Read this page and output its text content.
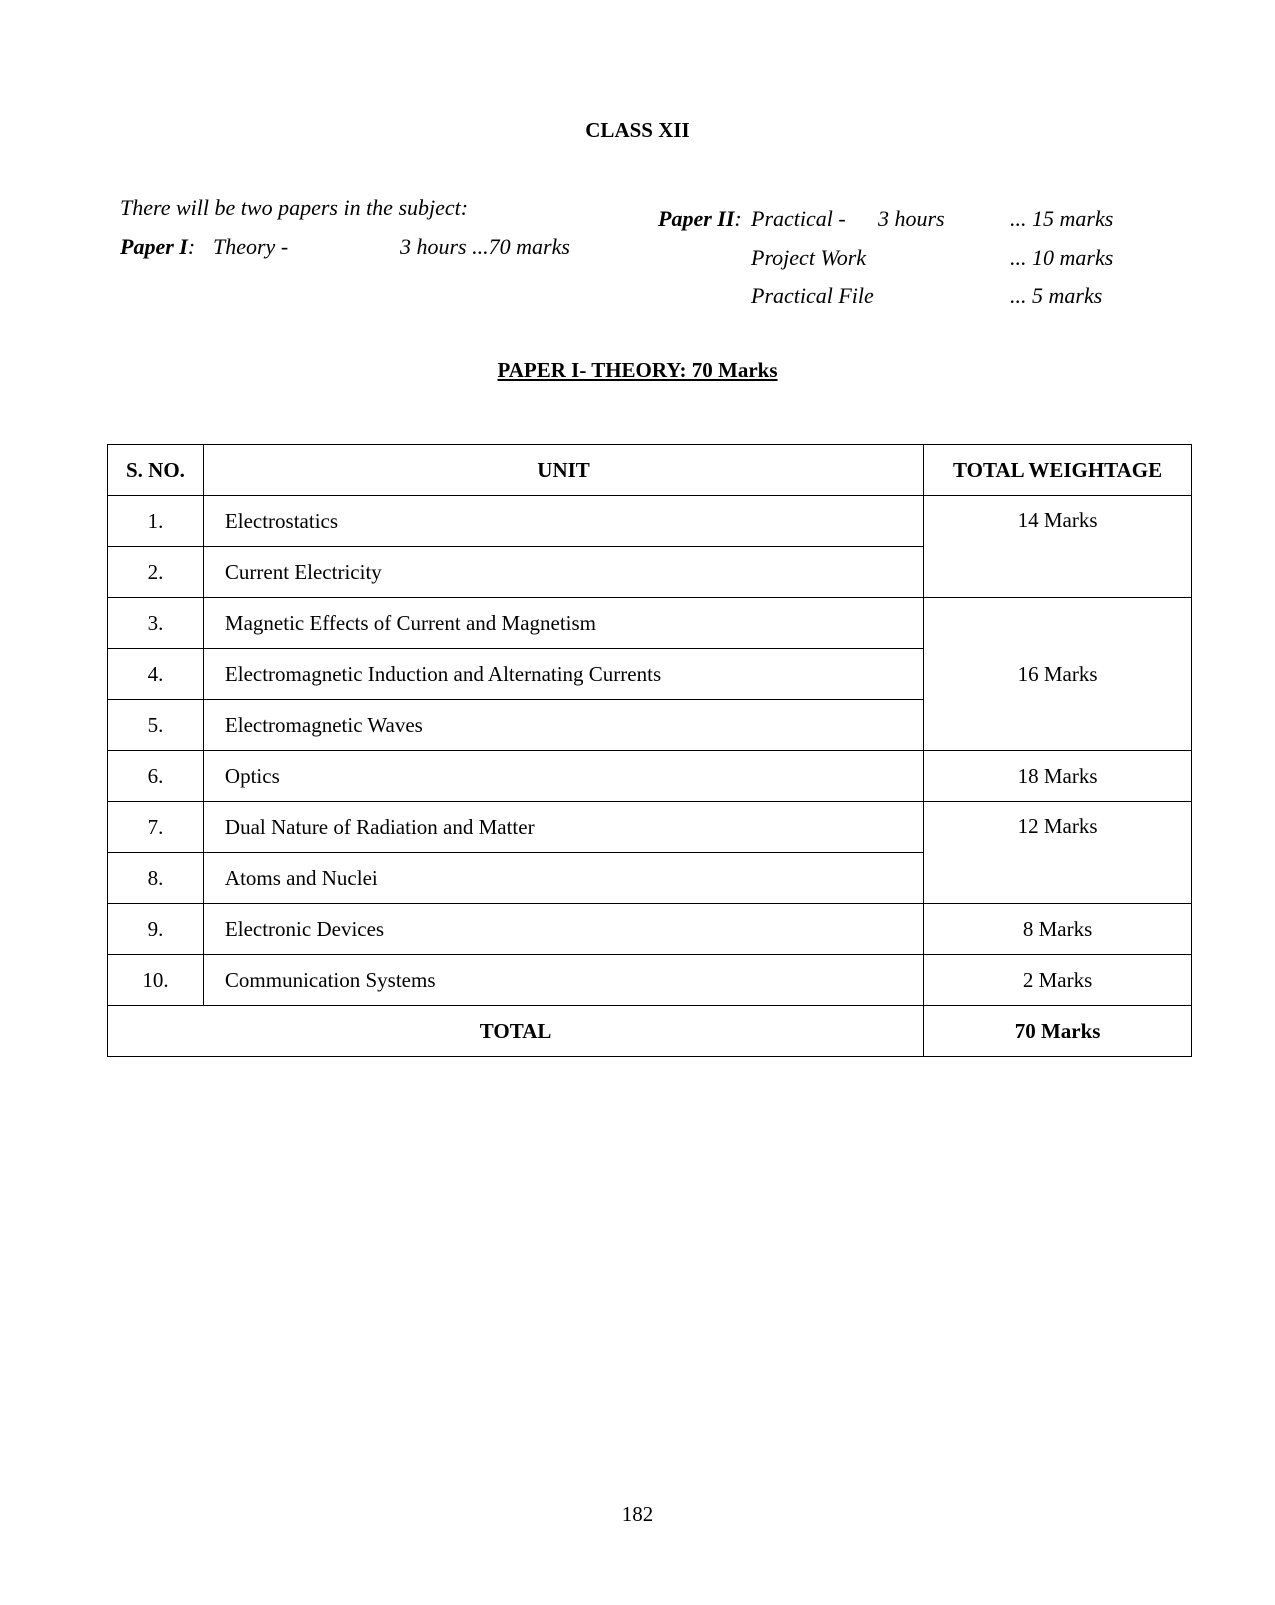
CLASS XII
There will be two papers in the subject:
Paper I: Theory -	3 hours ...70 marks
Paper II: Practical - 3 hours	... 15 marks
Project Work	... 10 marks
Practical File	... 5 marks
PAPER I- THEORY: 70 Marks
S. NO.	UNIT	TOTAL WEIGHTAGE
1.	Electrostatics	14 Marks
2.	Current Electricity	
3.	Magnetic Effects of Current and Magnetism	16 Marks
4.	Electromagnetic Induction and Alternating Currents	
5.	Electromagnetic Waves	
6.	Optics	18 Marks
7.	Dual Nature of Radiation and Matter	12 Marks
8.	Atoms and Nuclei	
9.	Electronic Devices	8 Marks
10.	Communication Systems	2 Marks
TOTAL		70 Marks
182
